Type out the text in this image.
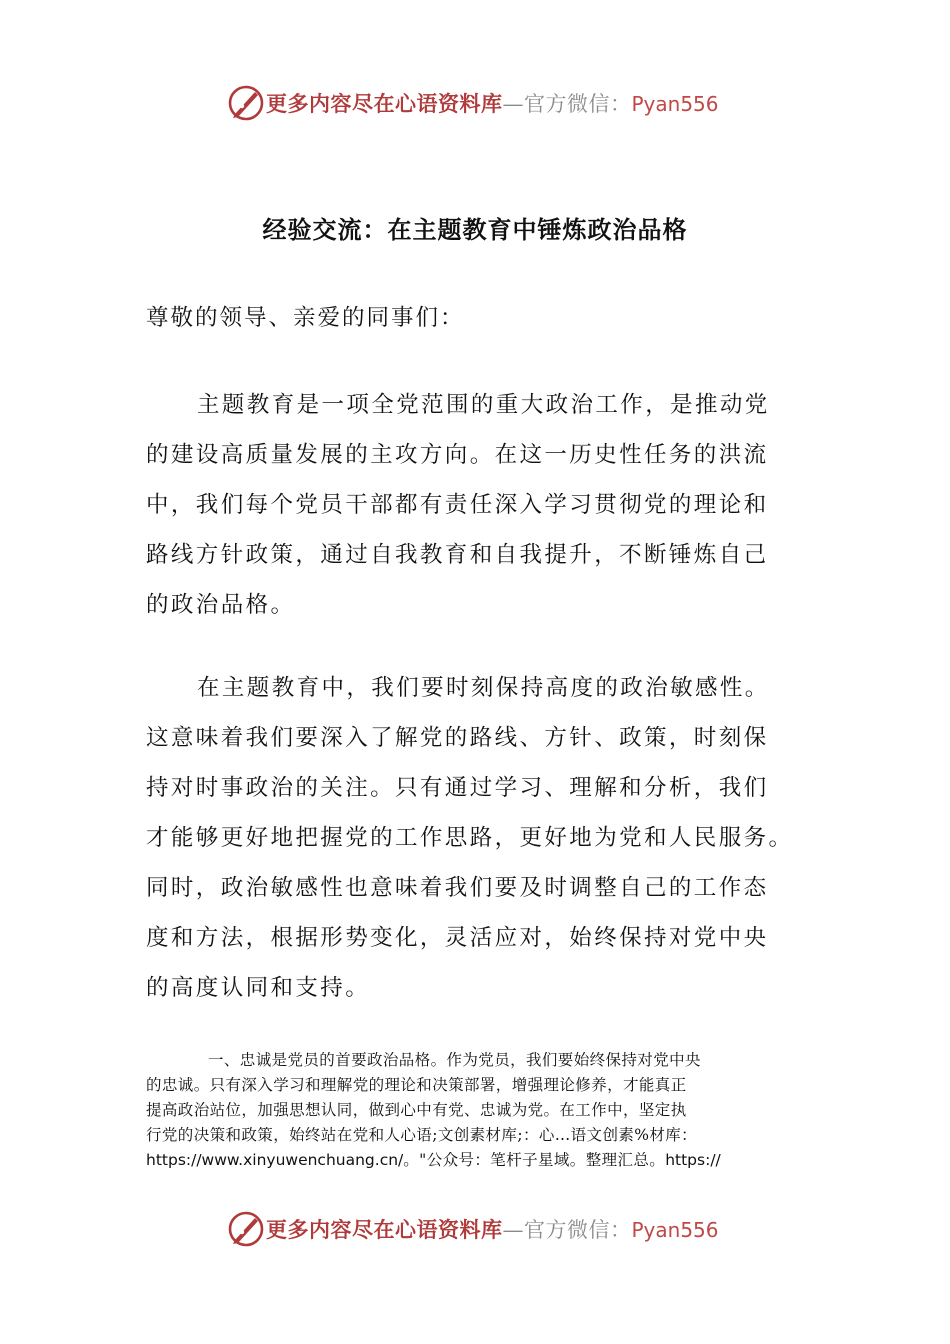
更多内容尽在心语资料库—官方微信：Pyan556
经验交流：在主题教育中锤炼政治品格
尊敬的领导、亲爱的同事们：
主题教育是一项全党范围的重大政治工作，是推动党
的建设高质量发展的主攻方向。在这一历史性任务的洪流
中，我们每个党员干部都有责任深入学习贯彻党的理论和
路线方针政策，通过自我教育和自我提升，不断锤炼自己
的政治品格。
在主题教育中，我们要时刻保持高度的政治敏感性。
这意味着我们要深入了解党的路线、方针、政策，时刻保
持对时事政治的关注。只有通过学习、理解和分析，我们
才能够更好地把握党的工作思路，更好地为党和人民服务。
同时，政治敏感性也意味着我们要及时调整自己的工作态
度和方法，根据形势变化，灵活应对，始终保持对党中央
的高度认同和支持。
一、忠诚是党员的首要政治品格。作为党员，我们要始终保持对党中央
的忠诚。只有深入学习和理解党的理论和决策部署，增强理论修养，才能真正
提高政治站位，加强思想认同，做到心中有党、忠诚为党。在工作中，坚定执
行党的决策和政策，始终站在党和人心语;文创素材库;：心…语文创素%材库：
https://www.xinyuwenchuang.cn/。"公众号：笔杆子星域。整理汇总。https://
更多内容尽在心语资料库—官方微信：Pyan556
